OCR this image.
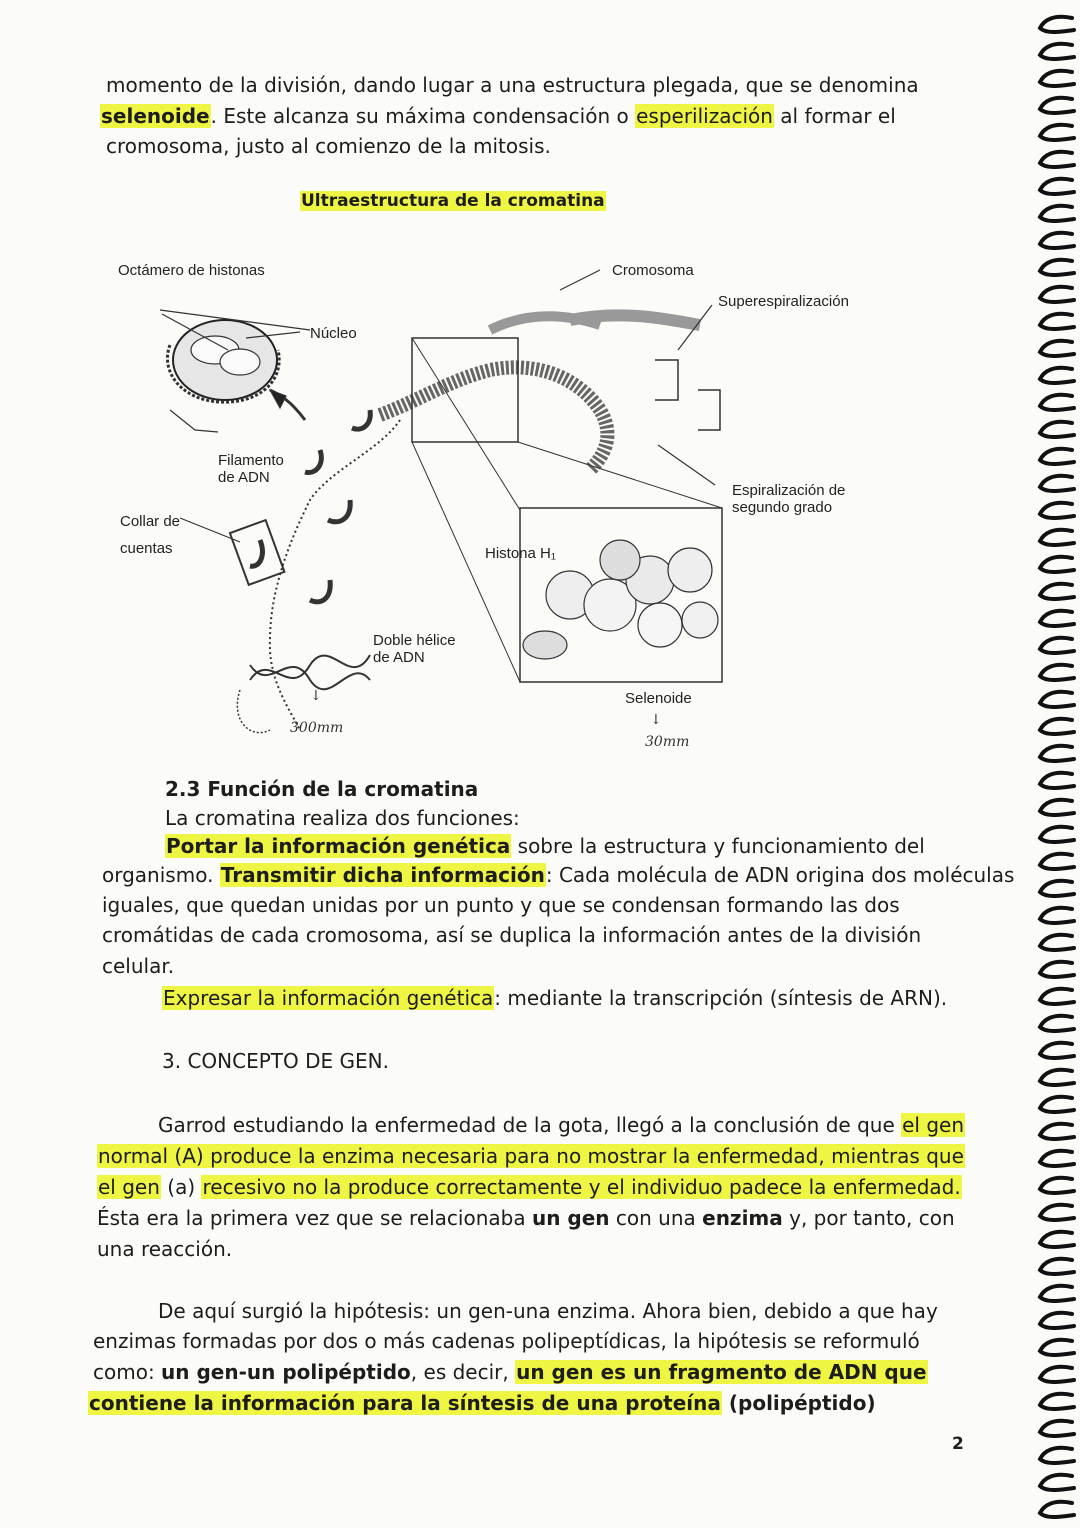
momento de la división, dando lugar a una estructura plegada, que se denomina

selenoide. Este alcanza su máxima condensación o esperilización al formar el

cromosoma, justo al comienzo de la mitosis.

Ultraestructura de la cromatina
Octámero de histonas
Núcleo
Filamento de ADN
Collar de cuentas
Doble hélice de ADN
Histona H₁
Cromosoma
Superespiralización
Espiralización de segundo grado
Selenoide
↓
300mm	↓
30mm

2.3 Función de la cromatina

La cromatina realiza dos funciones:

Portar la información genética sobre la estructura y funcionamiento del

organismo. Transmitir dicha información: Cada molécula de ADN origina dos moléculas

iguales, que quedan unidas por un punto y que se condensan formando las dos

cromátidas de cada cromosoma, así se duplica la información antes de la división

celular.

Expresar la información genética: mediante la transcripción (síntesis de ARN).

3. CONCEPTO DE GEN.

Garrod estudiando la enfermedad de la gota, llegó a la conclusión de que el gen

normal (A) produce la enzima necesaria para no mostrar la enfermedad, mientras que

el gen (a) recesivo no la produce correctamente y el individuo padece la enfermedad.

Ésta era la primera vez que se relacionaba un gen con una enzima y, por tanto, con

una reacción.

De aquí surgió la hipótesis: un gen-una enzima. Ahora bien, debido a que hay

enzimas formadas por dos o más cadenas polipeptídicas, la hipótesis se reformuló

como: un gen-un polipéptido, es decir, un gen es un fragmento de ADN que

contiene la información para la síntesis de una proteína (polipéptido)

2
